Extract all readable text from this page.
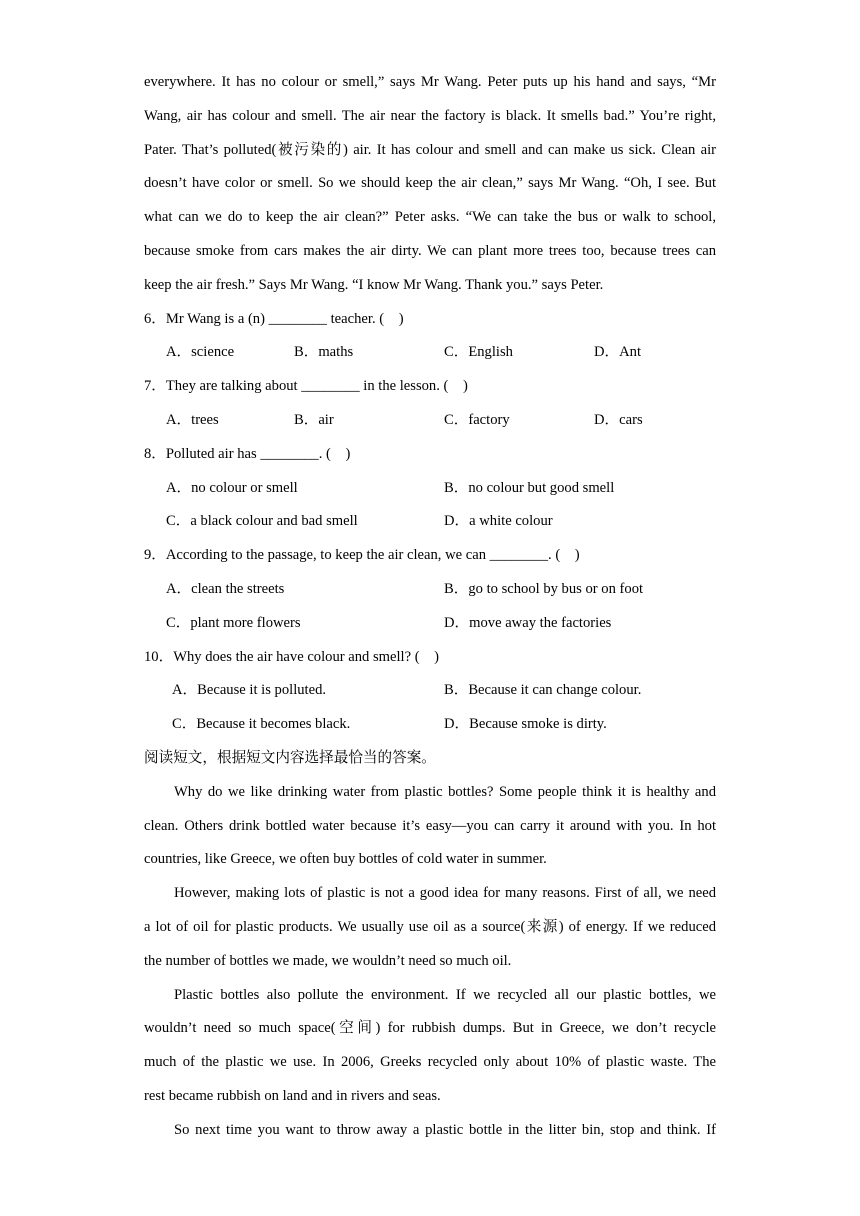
everywhere. It has no colour or smell,” says Mr Wang. Peter puts up his hand and says, “Mr
Wang, air has colour and smell. The air near the factory is black. It smells bad.” You’re right,
Pater. That’s polluted(被污染的) air. It has colour and smell and can make us sick. Clean air
doesn’t have color or smell. So we should keep the air clean,” says Mr Wang. “Oh, I see. But
what can we do to keep the air clean?” Peter asks. “We can take the bus or walk to school,
because smoke from cars makes the air dirty. We can plant more trees too, because trees can
keep the air fresh.” Says Mr Wang. “I know Mr Wang. Thank you.” says Peter.
6．Mr Wang is a (n) ________ teacher. (　)
A．science	B．maths	C．English	D．Ant
7．They are talking about ________ in the lesson. (　)
A．trees	B．air	C．factory	D．cars
8．Polluted air has ________. (　)
A．no colour or smell	B．no colour but good smell
C．a black colour and bad smell	D．a white colour
9．According to the passage, to keep the air clean, we can ________. (　)
A．clean the streets	B．go to school by bus or on foot
C．plant more flowers	D．move away the factories
10．Why does the air have colour and smell? (　)
A．Because it is polluted.	B．Because it can change colour.
C．Because it becomes black.	D．Because smoke is dirty.
阅读短文，根据短文内容选择最恰当的答案。
Why do we like drinking water from plastic bottles? Some people think it is healthy and
clean. Others drink bottled water because it’s easy—you can carry it around with you. In hot
countries, like Greece, we often buy bottles of cold water in summer.
However, making lots of plastic is not a good idea for many reasons. First of all, we need
a lot of oil for plastic products. We usually use oil as a source(来源) of energy. If we reduced
the number of bottles we made, we wouldn’t need so much oil.
Plastic bottles also pollute the environment. If we recycled all our plastic bottles, we
wouldn’t need so much space(空间) for rubbish dumps. But in Greece, we don’t recycle
much of the plastic we use. In 2006, Greeks recycled only about 10% of plastic waste. The
rest became rubbish on land and in rivers and seas.
So next time you want to throw away a plastic bottle in the litter bin, stop and think. If
